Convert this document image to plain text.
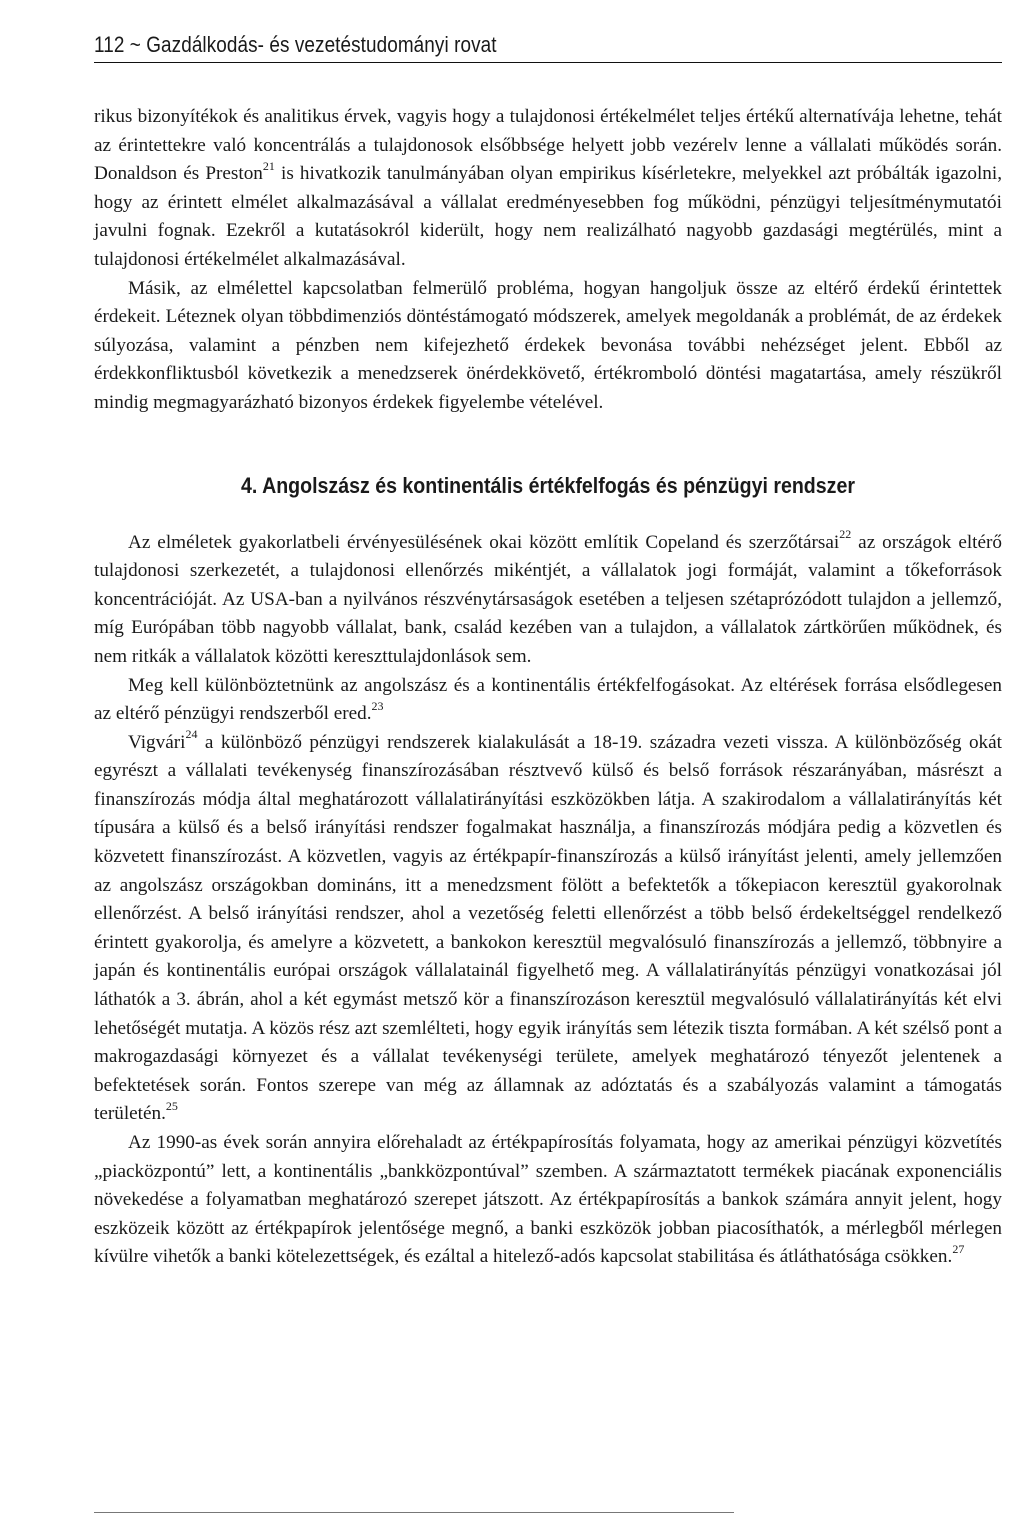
112 ~ Gazdálkodás- és vezetéstudományi rovat

rikus bizonyítékok és analitikus érvek, vagyis hogy a tulajdonosi értékelmélet teljes értékű alternatívája lehetne, tehát az érintettekre való koncentrálás a tulajdonosok elsőbbsége helyett jobb vezérelv lenne a vállalati működés során. Donaldson és Preston$^{21}$ is hivatkozik tanulmányában olyan empirikus kísérletekre, melyekkel azt próbálták igazolni, hogy az érintett elmélet alkalmazásával a vállalat eredményesebben fog működni, pénzügyi teljesítménymutatói javulni fognak. Ezekről a kutatásokról kiderült, hogy nem realizálható nagyobb gazdasági megtérülés, mint a tulajdonosi értékelmélet alkalmazásával.

Másik, az elmélettel kapcsolatban felmerülő probléma, hogyan hangoljuk össze az eltérő érdekű érintettek érdekeit. Léteznek olyan többdimenziós döntéstámogató módszerek, amelyek megoldanák a problémát, de az érdekek súlyozása, valamint a pénzben nem kifejezhető érdekek bevonása további nehézséget jelent. Ebből az érdekkonfliktusból következik a menedzserek önérdekkövető, értékromboló döntési magatartása, amely részükről mindig megmagyarázható bizonyos érdekek figyelembe vételével.

4. Angolszász és kontinentális értékfelfogás és pénzügyi rendszer

Az elméletek gyakorlatbeli érvényesülésének okai között említik Copeland és szerzőtársai$^{22}$ az országok eltérő tulajdonosi szerkezetét, a tulajdonosi ellenőrzés mikéntjét, a vállalatok jogi formáját, valamint a tőkeforrások koncentrációját. Az USA-ban a nyilvános részvénytársaságok esetében a teljesen szétaprózódott tulajdon a jellemző, míg Európában több nagyobb vállalat, bank, család kezében van a tulajdon, a vállalatok zártkörűen működnek, és nem ritkák a vállalatok közötti kereszttulajdonlások sem.

Meg kell különböztetnünk az angolszász és a kontinentális értékfelfogásokat. Az eltérések forrása elsődlegesen az eltérő pénzügyi rendszerből ered.$^{23}$

Vigvári$^{24}$ a különböző pénzügyi rendszerek kialakulását a 18-19. századra vezeti vissza. A különbözőség okát egyrészt a vállalati tevékenység finanszírozásában résztvevő külső és belső források részarányában, másrészt a finanszírozás módja által meghatározott vállalatirányítási eszközökben látja. A szakirodalom a vállalatirányítás két típusára a külső és a belső irányítási rendszer fogalmakat használja, a finanszírozás módjára pedig a közvetlen és közvetett finanszírozást. A közvetlen, vagyis az értékpapír-finanszírozás a külső irányítást jelenti, amely jellemzően az angolszász országokban domináns, itt a menedzsment fölött a befektetők a tőkepiacon keresztül gyakorolnak ellenőrzést. A belső irányítási rendszer, ahol a vezetőség feletti ellenőrzést a több belső érdekeltséggel rendelkező érintett gyakorolja, és amelyre a közvetett, a bankokon keresztül megvalósuló finanszírozás a jellemző, többnyire a japán és kontinentális európai országok vállalatainál figyelhető meg. A vállalatirányítás pénzügyi vonatkozásai jól láthatók a 3. ábrán, ahol a két egymást metsző kör a finanszírozáson keresztül megvalósuló vállalatirányítás két elvi lehetőségét mutatja. A közös rész azt szemlélteti, hogy egyik irányítás sem létezik tiszta formában. A két szélső pont a makrogazdasági környezet és a vállalat tevékenységi területe, amelyek meghatározó tényezőt jelentenek a befektetések során. Fontos szerepe van még az államnak az adóztatás és a szabályozás valamint a támogatás területén.$^{25}$

Az 1990-as évek során annyira előrehaladt az értékpapírosítás folyamata, hogy az amerikai pénzügyi közvetítés „piacközpontú” lett, a kontinentális „bankközpontúval” szemben. A származtatott termékek piacának exponenciális növekedése a folyamatban meghatározó szerepet játszott. Az értékpapírosítás a bankok számára annyit jelent, hogy eszközeik között az értékpapírok jelentősége megnő, a banki eszközök jobban piacosíthatók, a mérlegből mérlegen kívülre vihetők a banki kötelezettségek, és ezáltal a hitelező-adós kapcsolat stabilitása és átláthatósága csökken.$^{27}$
